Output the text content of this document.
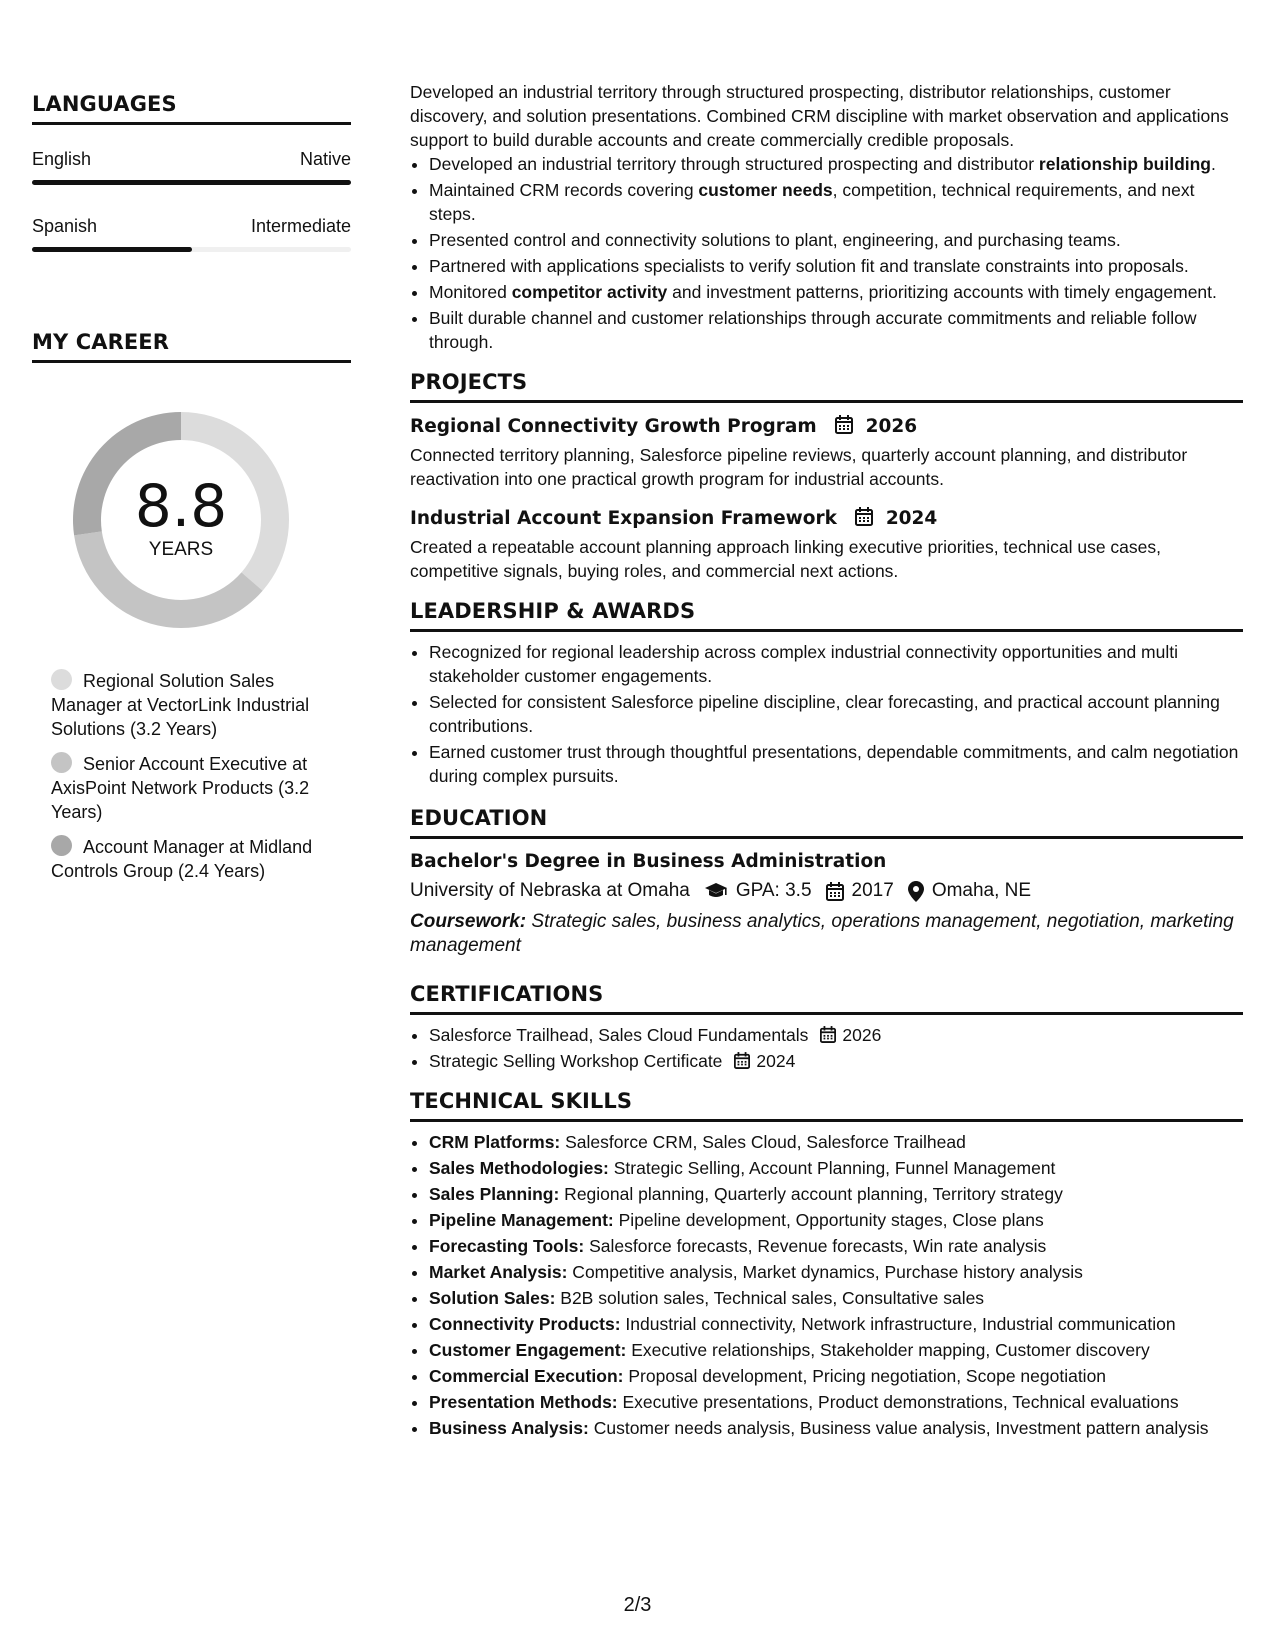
LANGUAGES
English	Native
Spanish	Intermediate
MY CAREER
8.8
YEARS
Regional Solution Sales Manager at VectorLink Industrial Solutions (3.2 Years)
Senior Account Executive at AxisPoint Network Products (3.2 Years)
Account Manager at Midland Controls Group (2.4 Years)

Developed an industrial territory through structured prospecting, distributor relationships, customer discovery, and solution presentations. Combined CRM discipline with market observation and applications support to build durable accounts and create commercially credible proposals.

• Developed an industrial territory through structured prospecting and distributor relationship building.
• Maintained CRM records covering customer needs, competition, technical requirements, and next steps.
• Presented control and connectivity solutions to plant, engineering, and purchasing teams.
• Partnered with applications specialists to verify solution fit and translate constraints into proposals.
• Monitored competitor activity and investment patterns, prioritizing accounts with timely engagement.
• Built durable channel and customer relationships through accurate commitments and reliable follow through.
PROJECTS
Regional Connectivity Growth Program	2026
Connected territory planning, Salesforce pipeline reviews, quarterly account planning, and distributor reactivation into one practical growth program for industrial accounts.
Industrial Account Expansion Framework	2024
Created a repeatable account planning approach linking executive priorities, technical use cases, competitive signals, buying roles, and commercial next actions.
LEADERSHIP & AWARDS
• Recognized for regional leadership across complex industrial connectivity opportunities and multi stakeholder customer engagements.
• Selected for consistent Salesforce pipeline discipline, clear forecasting, and practical account planning contributions.
• Earned customer trust through thoughtful presentations, dependable commitments, and calm negotiation during complex pursuits.
EDUCATION
Bachelor's Degree in Business Administration
University of Nebraska at Omaha GPA: 3.5 2017 Omaha, NE
Coursework: Strategic sales, business analytics, operations management, negotiation, marketing management
CERTIFICATIONS
• Salesforce Trailhead, Sales Cloud Fundamentals 2026
• Strategic Selling Workshop Certificate 2024
TECHNICAL SKILLS
• CRM Platforms: Salesforce CRM, Sales Cloud, Salesforce Trailhead
• Sales Methodologies: Strategic Selling, Account Planning, Funnel Management
• Sales Planning: Regional planning, Quarterly account planning, Territory strategy
• Pipeline Management: Pipeline development, Opportunity stages, Close plans
• Forecasting Tools: Salesforce forecasts, Revenue forecasts, Win rate analysis
• Market Analysis: Competitive analysis, Market dynamics, Purchase history analysis
• Solution Sales: B2B solution sales, Technical sales, Consultative sales
• Connectivity Products: Industrial connectivity, Network infrastructure, Industrial communication
• Customer Engagement: Executive relationships, Stakeholder mapping, Customer discovery
• Commercial Execution: Proposal development, Pricing negotiation, Scope negotiation
• Presentation Methods: Executive presentations, Product demonstrations, Technical evaluations
• Business Analysis: Customer needs analysis, Business value analysis, Investment pattern analysis
2/3
